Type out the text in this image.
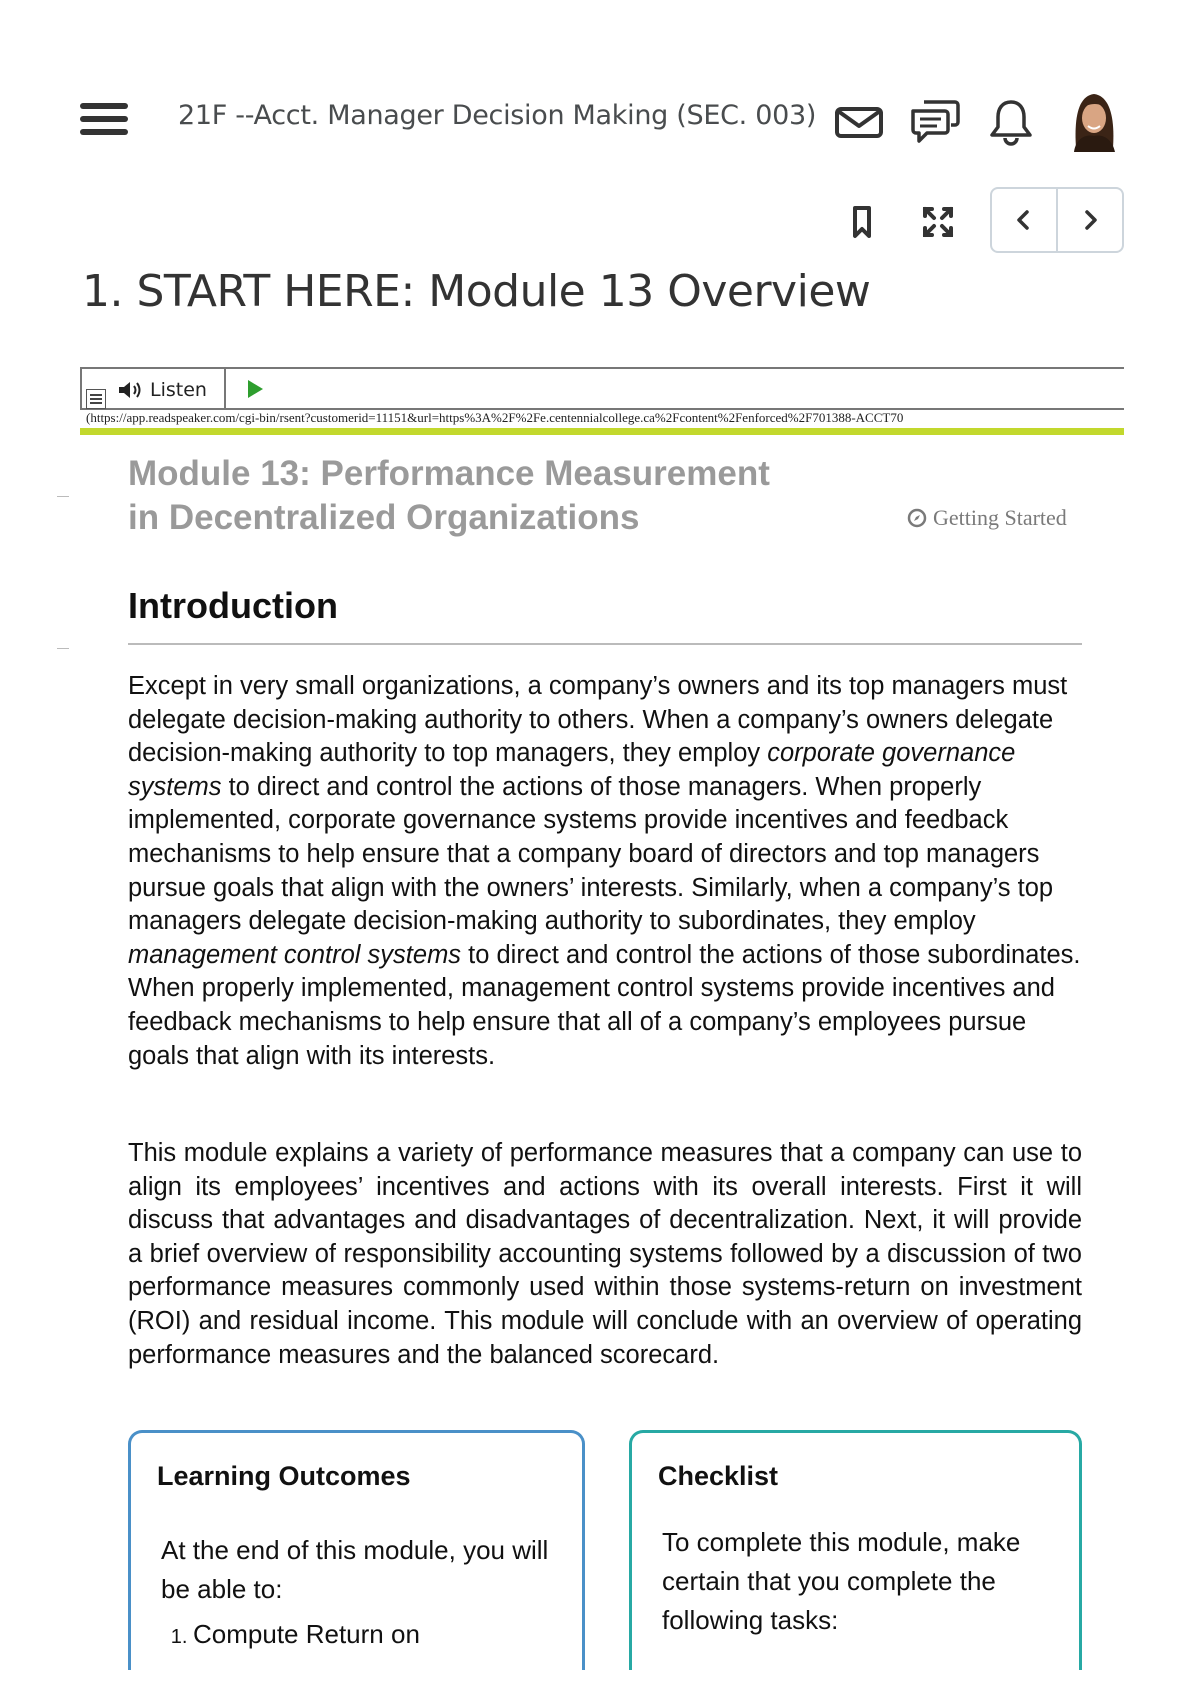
21F --Acct. Manager Decision Making (SEC. 003)
1. START HERE: Module 13 Overview
Listen
(https://app.readspeaker.com/cgi-bin/rsent?customerid=11151&url=https%3A%2F%2Fe.centennialcollege.ca%2Fcontent%2Fenforced%2F701388-ACCT70
Module 13: Performance Measurement
in Decentralized Organizations	Getting Started
Introduction

Except in very small organizations, a company’s owners and its top managers must delegate decision-making authority to others. When a company’s owners delegate decision-making authority to top managers, they employ corporate governance systems to direct and control the actions of those managers. When properly implemented, corporate governance systems provide incentives and feedback mechanisms to help ensure that a company board of directors and top managers pursue goals that align with the owners’ interests. Similarly, when a company’s top managers delegate decision-making authority to subordinates, they employ management control systems to direct and control the actions of those subordinates. When properly implemented, management control systems provide incentives and feedback mechanisms to help ensure that all of a company’s employees pursue goals that align with its interests.

This module explains a variety of performance measures that a company can use to align its employees’ incentives and actions with its overall interests. First it will discuss that advantages and disadvantages of decentralization. Next, it will provide a brief overview of responsibility accounting systems followed by a discussion of two performance measures commonly used within those systems-return on investment (ROI) and residual income. This module will conclude with an overview of operating performance measures and the balanced scorecard.

Learning Outcomes
At the end of this module, you will be able to:
1. Compute Return on
Checklist
To complete this module, make certain that you complete the following tasks:
